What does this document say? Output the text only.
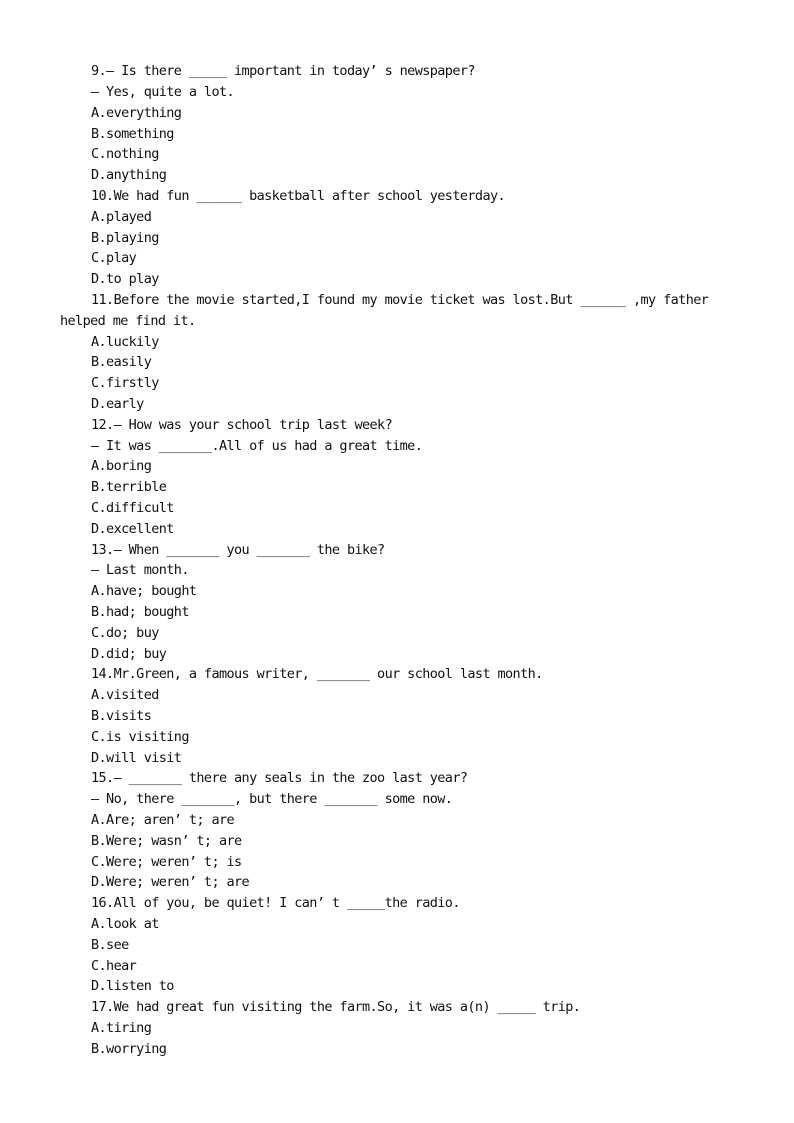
9.— Is there _____ important in today’ s newspaper?
— Yes, quite a lot.
A.everything
B.something
C.nothing
D.anything
10.We had fun ______ basketball after school yesterday.
A.played
B.playing
C.play
D.to play
11.Before the movie started,I found my movie ticket was lost.But ______ ,my father
helped me find it.
A.luckily
B.easily
C.firstly
D.early
12.— How was your school trip last week?
— It was _______.All of us had a great time.
A.boring
B.terrible
C.difficult
D.excellent
13.— When _______ you _______ the bike?
— Last month.
A.have; bought
B.had; bought
C.do; buy
D.did; buy
14.Mr.Green, a famous writer, _______ our school last month.
A.visited
B.visits
C.is visiting
D.will visit
15.— _______ there any seals in the zoo last year?
— No, there _______, but there _______ some now.
A.Are; aren’ t; are
B.Were; wasn’ t; are
C.Were; weren’ t; is
D.Were; weren’ t; are
16.All of you, be quiet! I can’ t _____the radio.
A.look at
B.see
C.hear
D.listen to
17.We had great fun visiting the farm.So, it was a(n) _____ trip.
A.tiring
B.worrying
